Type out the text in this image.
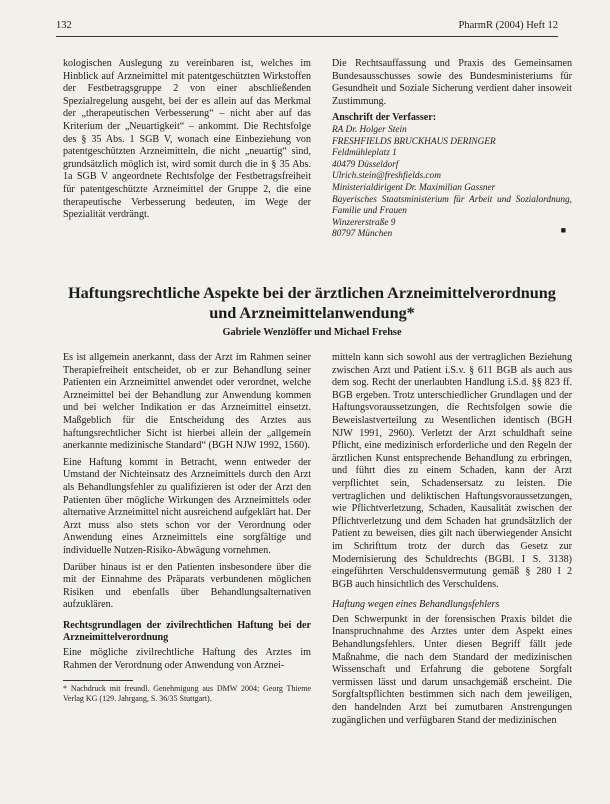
132	PharmR (2004) Heft 12

kologischen Auslegung zu vereinbaren ist, welches im Hinblick auf Arzneimittel mit patentgeschützten Wirkstoffen der Festbetragsgruppe 2 von einer abschließenden Spezialregelung ausgeht, bei der es allein auf das Merkmal der „therapeutischen Verbesserung“ – nicht aber auf das Kriterium der „Neuartigkeit“ – ankommt. Die Rechtsfolge des § 35 Abs. 1 SGB V, wonach eine Einbeziehung von patentgeschützten Arzneimitteln, die nicht „neuartig“ sind, grundsätzlich möglich ist, wird somit durch die in § 35 Abs. 1a SGB V angeordnete Rechtsfolge der Festbetragsfreiheit für patentgeschützte Arzneimittel der Gruppe 2, die eine therapeutische Verbesserung bedeuten, im Wege der Spezialität verdrängt.

Die Rechtsauffassung und Praxis des Gemeinsamen Bundesausschusses sowie des Bundesministeriums für Gesundheit und Soziale Sicherung verdient daher insoweit Zustimmung.

Anschrift der Verfasser:
RA Dr. Holger Stein
FRESHFIELDS BRUCKHAUS DERINGER
Feldmühleplatz 1
40479 Düsseldorf
Ulrich.stein@freshfields.com
Ministerialdirigent Dr. Maximilian Gassner
Bayerisches Staatsministerium für Arbeit und Sozialordnung, Familie und Frauen
Winzererstraße 9
80797 München	■
Haftungsrechtliche Aspekte bei der ärztlichen Arzneimittelverordnung
und Arzneimittelanwendung*
Gabriele Wenzlöffer und Michael Frehse

Es ist allgemein anerkannt, dass der Arzt im Rahmen seiner Therapiefreiheit entscheidet, ob er zur Behandlung seiner Patienten ein Arzneimittel anwendet oder verordnet, welche Arzneimittel bei der Behandlung zur Anwendung kommen und bei welcher Indikation er das Arzneimittel einsetzt. Maßgeblich für die Entscheidung des Arztes aus haftungsrechtlicher Sicht ist hierbei allein der „allgemein anerkannte medizinische Standard“ (BGH NJW 1992, 1560).

Eine Haftung kommt in Betracht, wenn entweder der Umstand der Nichteinsatz des Arzneimittels durch den Arzt als Behandlungsfehler zu qualifizieren ist oder der Arzt den Patienten über mögliche Wirkungen des Arzneimittels oder alternative Arzneimittel nicht ausreichend aufgeklärt hat. Der Arzt muss also stets schon vor der Verordnung oder Anwendung eines Arzneimittels eine sorgfältige und individuelle Nutzen-Risiko-Abwägung vornehmen.

Darüber hinaus ist er den Patienten insbesondere über die mit der Einnahme des Präparats verbundenen möglichen Risiken und ebenfalls über Behandlungsalternativen aufzuklären.

Rechtsgrundlagen der zivilrechtlichen Haftung bei der Arzneimittelverordnung

Eine mögliche zivilrechtliche Haftung des Arztes im Rahmen der Verordnung oder Anwendung von Arznei-

* Nachdruck mit freundl. Genehmigung aus DMW 2004; Georg Thieme Verlag KG (129. Jahrgang, S. 36/35 Stuttgart).

mitteln kann sich sowohl aus der vertraglichen Beziehung zwischen Arzt und Patient i.S.v. § 611 BGB als auch aus dem sog. Recht der unerlaubten Handlung i.S.d. §§ 823 ff. BGB ergeben. Trotz unterschiedlicher Grundlagen und der Haftungsvoraussetzungen, die Rechtsfolgen sowie die Beweislastverteilung zu Wesentlichen identisch (BGH NJW 1991, 2960). Verletzt der Arzt schuldhaft seine Pflicht, eine medizinisch erforderliche und den Regeln der ärztlichen Kunst entsprechende Behandlung zu erbringen, und führt dies zu einem Schaden, kann der Arzt verpflichtet sein, Schadensersatz zu leisten. Die vertraglichen und deliktischen Haftungsvoraussetzungen, wie Pflichtverletzung, Schaden, Kausalität zwischen der Pflichtverletzung und dem Schaden hat grundsätzlich der Patient zu beweisen, dies gilt nach überwiegender Ansicht im Schrifttum trotz der durch das Gesetz zur Modernisierung des Schuldrechts (BGBl. I S. 3138) eingeführten Verschuldensvermutung gemäß § 280 I 2 BGB auch hinsichtlich des Verschuldens.

Haftung wegen eines Behandlungsfehlers

Den Schwerpunkt in der forensischen Praxis bildet die Inanspruchnahme des Arztes unter dem Aspekt eines Behandlungsfehlers. Unter diesen Begriff fällt jede Maßnahme, die nach dem Standard der medizinischen Wissenschaft und Erfahrung die gebotene Sorgfalt vermissen lässt und darum unsachgemäß erscheint. Die Sorgfaltspflichten bestimmen sich nach dem jeweiligen, den handelnden Arzt bei zumutbaren Anstrengungen zugänglichen und verfügbaren Stand der medizinischen
